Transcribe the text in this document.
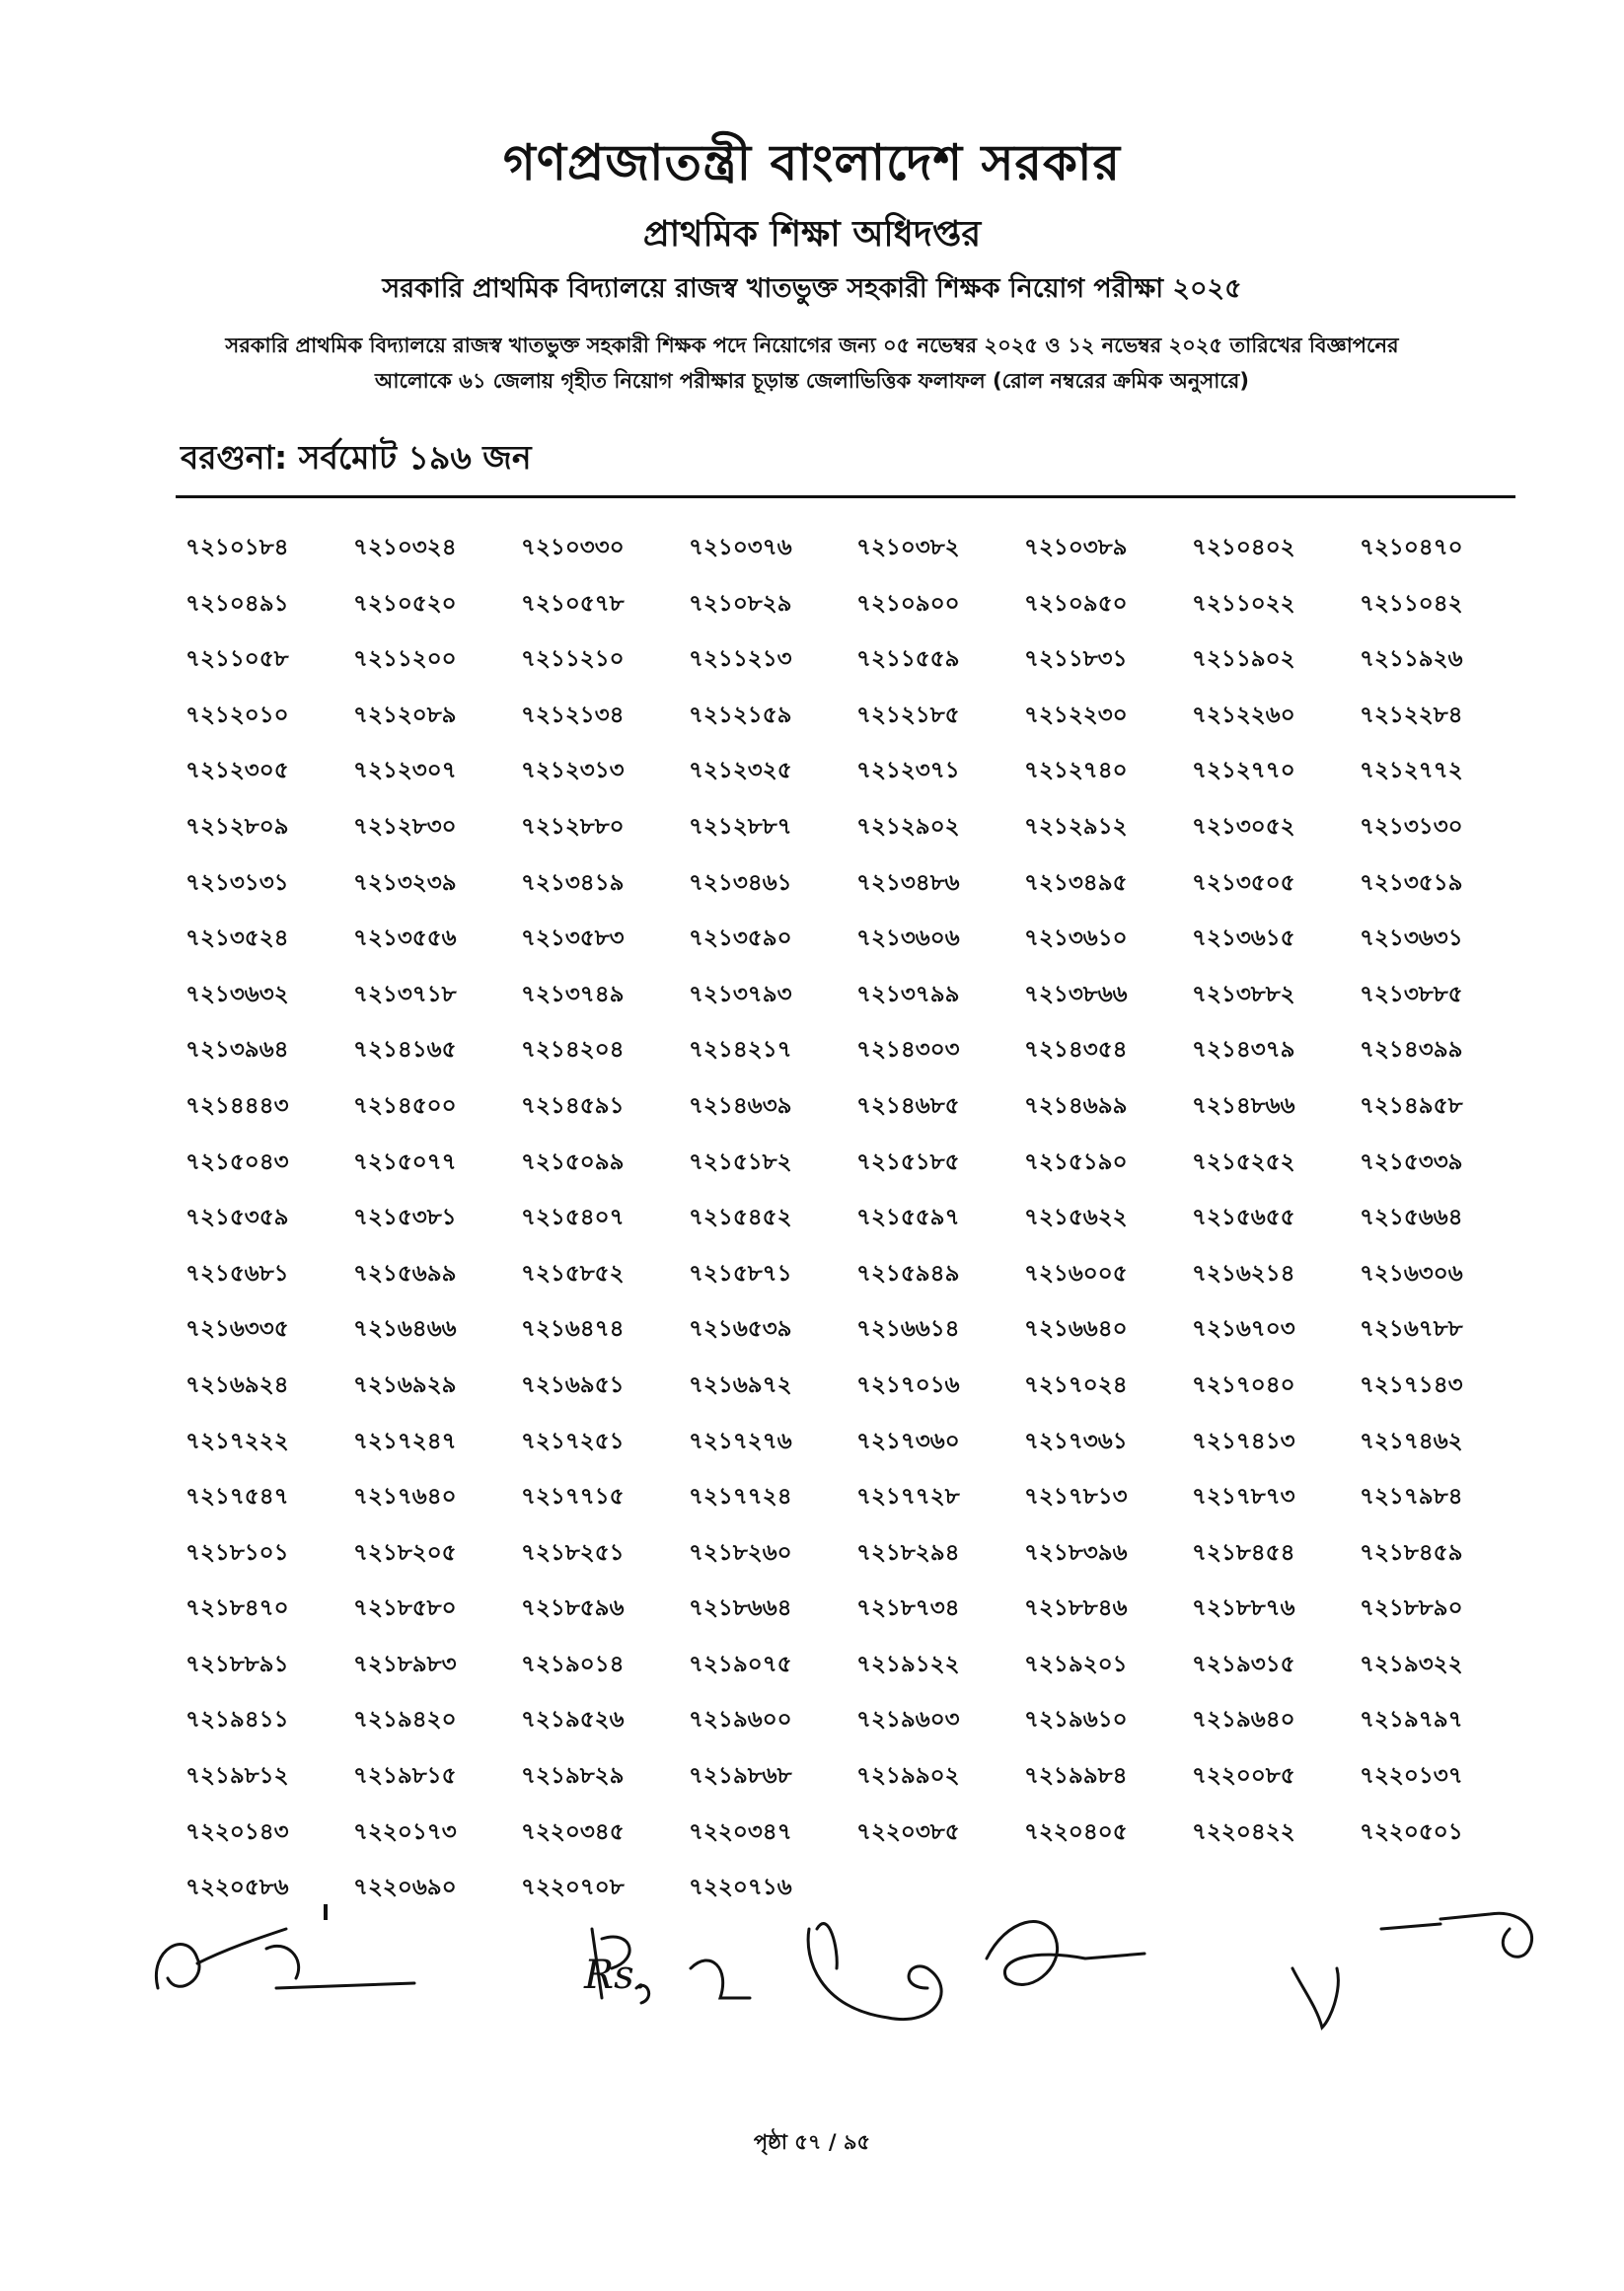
গণপ্রজাতন্ত্রী বাংলাদেশ সরকার
প্রাথমিক শিক্ষা অধিদপ্তর
সরকারি প্রাথমিক বিদ্যালয়ে রাজস্ব খাতভুক্ত সহকারী শিক্ষক নিয়োগ পরীক্ষা ২০২৫
সরকারি প্রাথমিক বিদ্যালয়ে রাজস্ব খাতভুক্ত সহকারী শিক্ষক পদে নিয়োগের জন্য ০৫ নভেম্বর ২০২৫ ও ১২ নভেম্বর ২০২৫ তারিখের বিজ্ঞাপনের
আলোকে ৬১ জেলায় গৃহীত নিয়োগ পরীক্ষার চূড়ান্ত জেলাভিত্তিক ফলাফল (রোল নম্বরের ক্রমিক অনুসারে)
বরগুনা: সর্বমোট ১৯৬ জন
৭২১০১৮৪	৭২১০৩২৪	৭২১০৩৩০	৭২১০৩৭৬	৭২১০৩৮২	৭২১০৩৮৯	৭২১০৪০২	৭২১০৪৭০
৭২১০৪৯১	৭২১০৫২০	৭২১০৫৭৮	৭২১০৮২৯	৭২১০৯০০	৭২১০৯৫০	৭২১১০২২	৭২১১০৪২
৭২১১০৫৮	৭২১১২০০	৭২১১২১০	৭২১১২১৩	৭২১১৫৫৯	৭২১১৮৩১	৭২১১৯০২	৭২১১৯২৬
৭২১২০১০	৭২১২০৮৯	৭২১২১৩৪	৭২১২১৫৯	৭২১২১৮৫	৭২১২২৩০	৭২১২২৬০	৭২১২২৮৪
৭২১২৩০৫	৭২১২৩০৭	৭২১২৩১৩	৭২১২৩২৫	৭২১২৩৭১	৭২১২৭৪০	৭২১২৭৭০	৭২১২৭৭২
৭২১২৮০৯	৭২১২৮৩০	৭২১২৮৮০	৭২১২৮৮৭	৭২১২৯০২	৭২১২৯১২	৭২১৩০৫২	৭২১৩১৩০
৭২১৩১৩১	৭২১৩২৩৯	৭২১৩৪১৯	৭২১৩৪৬১	৭২১৩৪৮৬	৭২১৩৪৯৫	৭২১৩৫০৫	৭২১৩৫১৯
৭২১৩৫২৪	৭২১৩৫৫৬	৭২১৩৫৮৩	৭২১৩৫৯০	৭২১৩৬০৬	৭২১৩৬১০	৭২১৩৬১৫	৭২১৩৬৩১
৭২১৩৬৩২	৭২১৩৭১৮	৭২১৩৭৪৯	৭২১৩৭৯৩	৭২১৩৭৯৯	৭২১৩৮৬৬	৭২১৩৮৮২	৭২১৩৮৮৫
৭২১৩৯৬৪	৭২১৪১৬৫	৭২১৪২০৪	৭২১৪২১৭	৭২১৪৩০৩	৭২১৪৩৫৪	৭২১৪৩৭৯	৭২১৪৩৯৯
৭২১৪৪৪৩	৭২১৪৫০০	৭২১৪৫৯১	৭২১৪৬৩৯	৭২১৪৬৮৫	৭২১৪৬৯৯	৭২১৪৮৬৬	৭২১৪৯৫৮
৭২১৫০৪৩	৭২১৫০৭৭	৭২১৫০৯৯	৭২১৫১৮২	৭২১৫১৮৫	৭২১৫১৯০	৭২১৫২৫২	৭২১৫৩৩৯
৭২১৫৩৫৯	৭২১৫৩৮১	৭২১৫৪০৭	৭২১৫৪৫২	৭২১৫৫৯৭	৭২১৫৬২২	৭২১৫৬৫৫	৭২১৫৬৬৪
৭২১৫৬৮১	৭২১৫৬৯৯	৭২১৫৮৫২	৭২১৫৮৭১	৭২১৫৯৪৯	৭২১৬০০৫	৭২১৬২১৪	৭২১৬৩০৬
৭২১৬৩৩৫	৭২১৬৪৬৬	৭২১৬৪৭৪	৭২১৬৫৩৯	৭২১৬৬১৪	৭২১৬৬৪০	৭২১৬৭০৩	৭২১৬৭৮৮
৭২১৬৯২৪	৭২১৬৯২৯	৭২১৬৯৫১	৭২১৬৯৭২	৭২১৭০১৬	৭২১৭০২৪	৭২১৭০৪০	৭২১৭১৪৩
৭২১৭২২২	৭২১৭২৪৭	৭২১৭২৫১	৭২১৭২৭৬	৭২১৭৩৬০	৭২১৭৩৬১	৭২১৭৪১৩	৭২১৭৪৬২
৭২১৭৫৪৭	৭২১৭৬৪০	৭২১৭৭১৫	৭২১৭৭২৪	৭২১৭৭২৮	৭২১৭৮১৩	৭২১৭৮৭৩	৭২১৭৯৮৪
৭২১৮১০১	৭২১৮২০৫	৭২১৮২৫১	৭২১৮২৬০	৭২১৮২৯৪	৭২১৮৩৯৬	৭২১৮৪৫৪	৭২১৮৪৫৯
৭২১৮৪৭০	৭২১৮৫৮০	৭২১৮৫৯৬	৭২১৮৬৬৪	৭২১৮৭৩৪	৭২১৮৮৪৬	৭২১৮৮৭৬	৭২১৮৮৯০
৭২১৮৮৯১	৭২১৮৯৮৩	৭২১৯০১৪	৭২১৯০৭৫	৭২১৯১২২	৭২১৯২০১	৭২১৯৩১৫	৭২১৯৩২২
৭২১৯৪১১	৭২১৯৪২০	৭২১৯৫২৬	৭২১৯৬০০	৭২১৯৬০৩	৭২১৯৬১০	৭২১৯৬৪০	৭২১৯৭৯৭
৭২১৯৮১২	৭২১৯৮১৫	৭২১৯৮২৯	৭২১৯৮৬৮	৭২১৯৯০২	৭২১৯৯৮৪	৭২২০০৮৫	৭২২০১৩৭
৭২২০১৪৩	৭২২০১৭৩	৭২২০৩৪৫	৭২২০৩৪৭	৭২২০৩৮৫	৭২২০৪০৫	৭২২০৪২২	৭২২০৫০১
৭২২০৫৮৬	৭২২০৬৯০	৭২২০৭০৮	৭২২০৭১৬
Rs.
পৃষ্ঠা ৫৭ / ৯৫
